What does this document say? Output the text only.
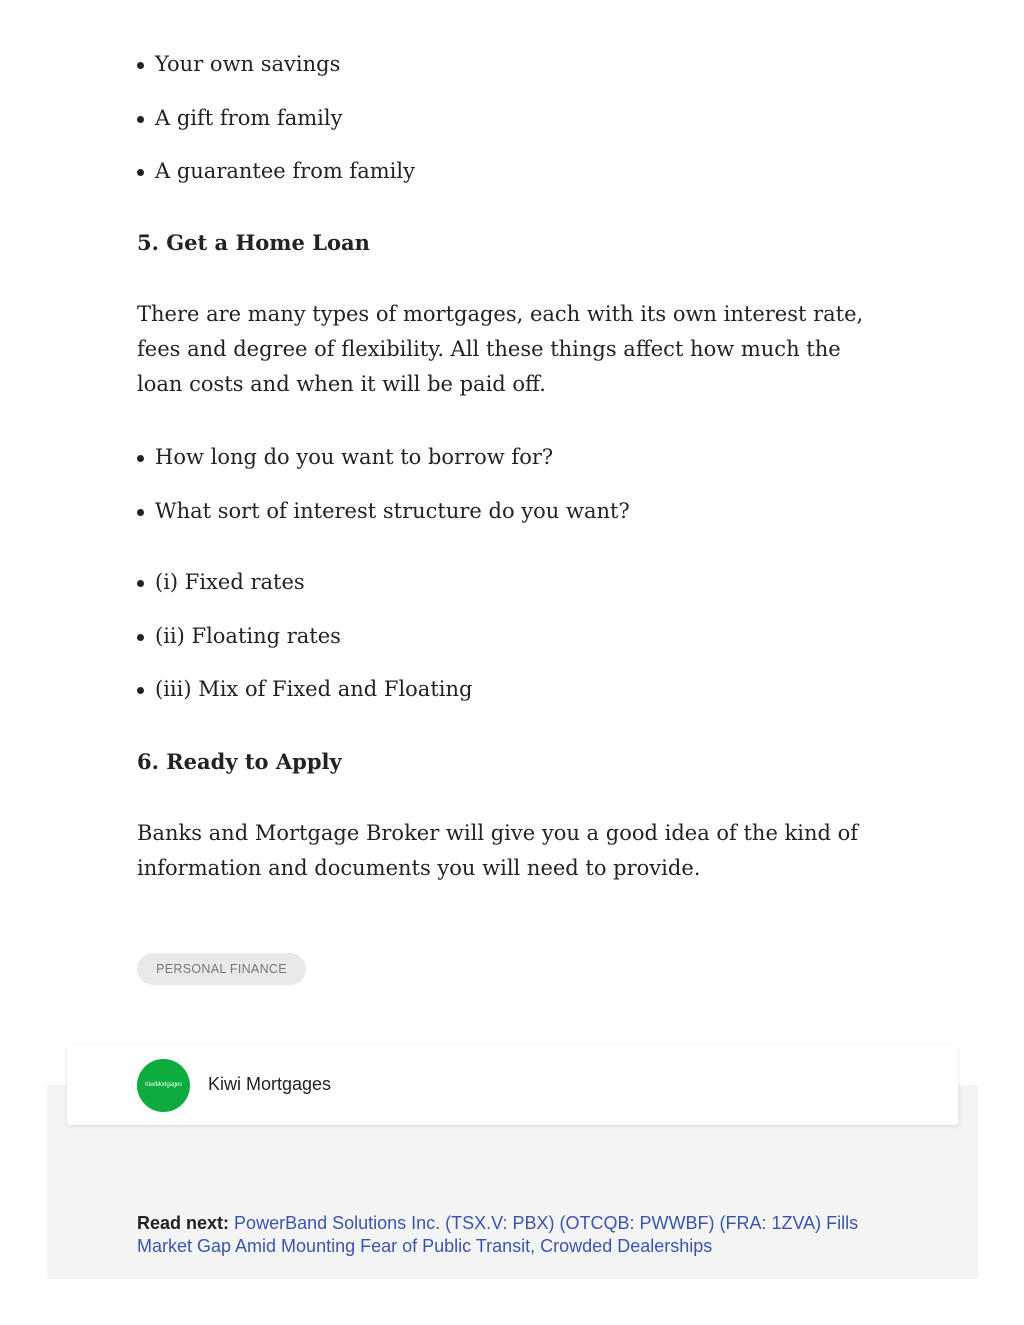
Your own savings
A gift from family
A guarantee from family
5. Get a Home Loan

There are many types of mortgages, each with its own interest rate, fees and degree of flexibility. All these things affect how much the loan costs and when it will be paid off.

How long do you want to borrow for?
What sort of interest structure do you want?
(i) Fixed rates
(ii) Floating rates
(iii) Mix of Fixed and Floating
6. Ready to Apply

Banks and Mortgage Broker will give you a good idea of the kind of information and documents you will need to provide.

PERSONAL FINANCE
KiwiMortgages	Kiwi Mortgages
Read next: PowerBand Solutions Inc. (TSX.V: PBX) (OTCQB: PWWBF) (FRA: 1ZVA) Fills Market Gap Amid Mounting Fear of Public Transit, Crowded Dealerships
